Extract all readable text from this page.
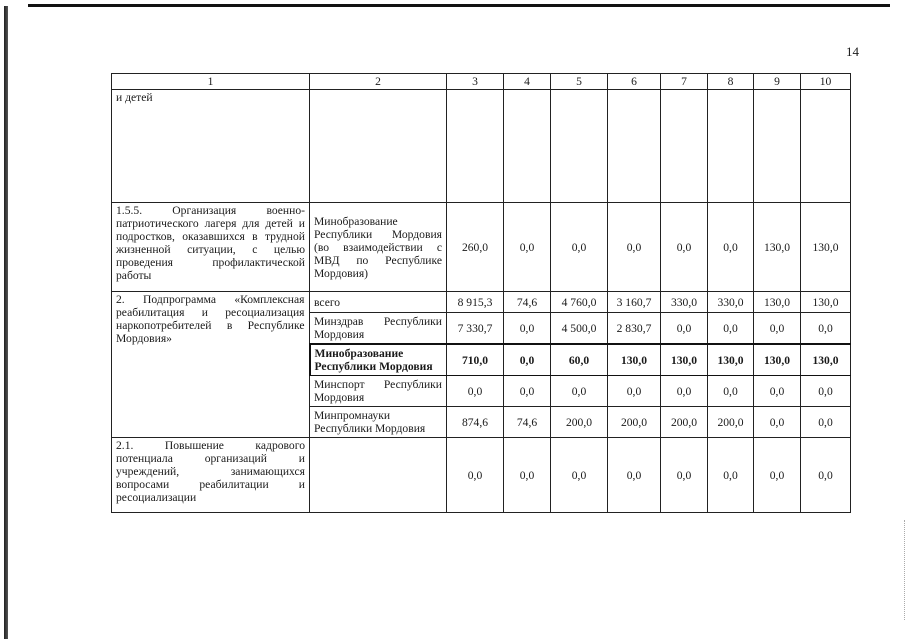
14
1	2	3	4	5	6	7	8	9	10
и детей									
1.5.5. Организация военно-патриотического лагеря для детей и подростков, оказавшихся в трудной жизненной ситуации, с целью проведения профилактической работы	Минобразование Республики Мордовия (во взаимодействии с МВД по Республике Мордовия)	260,0	0,0	0,0	0,0	0,0	0,0	130,0	130,0
2. Подпрограмма «Комплексная реабилитация и ресоциализация наркопотребителей в Республике Мордовия»	всего	8 915,3	74,6	4 760,0	3 160,7	330,0	330,0	130,0	130,0
	Минздрав Республики Мордовия	7 330,7	0,0	4 500,0	2 830,7	0,0	0,0	0,0	0,0
	Минобразование Республики Мордовия	710,0	0,0	60,0	130,0	130,0	130,0	130,0	130,0
	Минспорт Республики Мордовия	0,0	0,0	0,0	0,0	0,0	0,0	0,0	0,0
	Минпромнауки Республики Мордовия	874,6	74,6	200,0	200,0	200,0	200,0	0,0	0,0
2.1. Повышение кадрового потенциала организаций и учреждений, занимающихся вопросами реабилитации и ресоциализации		0,0	0,0	0,0	0,0	0,0	0,0	0,0	0,0
